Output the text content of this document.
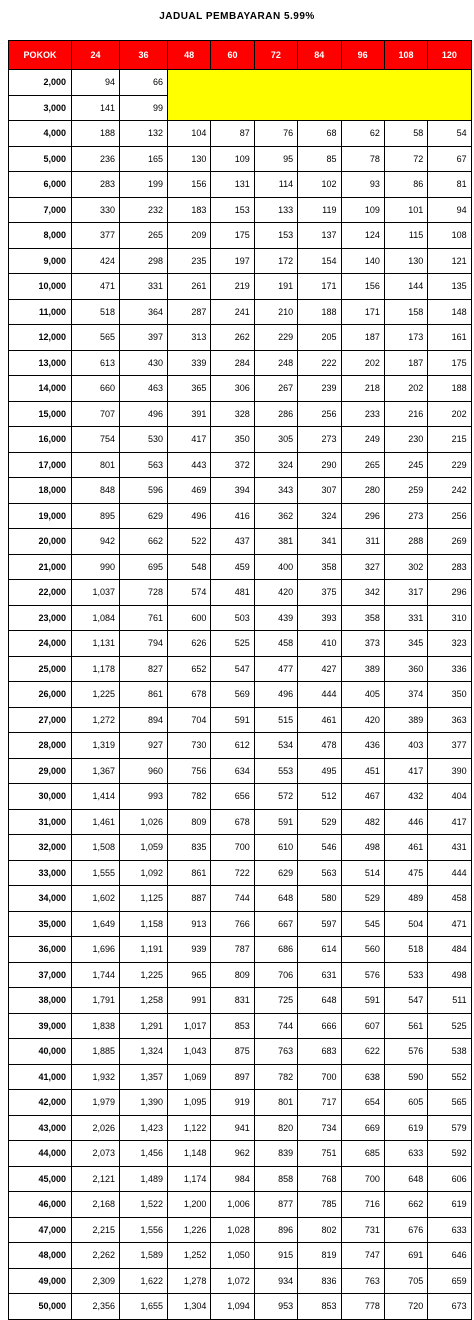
JADUAL PEMBAYARAN 5.99%
POKOK	24	36	48	60	72	84	96	108	120
2,000	94	66							
3,000	141	99							
4,000	188	132	104	87	76	68	62	58	54
5,000	236	165	130	109	95	85	78	72	67
6,000	283	199	156	131	114	102	93	86	81
7,000	330	232	183	153	133	119	109	101	94
8,000	377	265	209	175	153	137	124	115	108
9,000	424	298	235	197	172	154	140	130	121
10,000	471	331	261	219	191	171	156	144	135
11,000	518	364	287	241	210	188	171	158	148
12,000	565	397	313	262	229	205	187	173	161
13,000	613	430	339	284	248	222	202	187	175
14,000	660	463	365	306	267	239	218	202	188
15,000	707	496	391	328	286	256	233	216	202
16,000	754	530	417	350	305	273	249	230	215
17,000	801	563	443	372	324	290	265	245	229
18,000	848	596	469	394	343	307	280	259	242
19,000	895	629	496	416	362	324	296	273	256
20,000	942	662	522	437	381	341	311	288	269
21,000	990	695	548	459	400	358	327	302	283
22,000	1,037	728	574	481	420	375	342	317	296
23,000	1,084	761	600	503	439	393	358	331	310
24,000	1,131	794	626	525	458	410	373	345	323
25,000	1,178	827	652	547	477	427	389	360	336
26,000	1,225	861	678	569	496	444	405	374	350
27,000	1,272	894	704	591	515	461	420	389	363
28,000	1,319	927	730	612	534	478	436	403	377
29,000	1,367	960	756	634	553	495	451	417	390
30,000	1,414	993	782	656	572	512	467	432	404
31,000	1,461	1,026	809	678	591	529	482	446	417
32,000	1,508	1,059	835	700	610	546	498	461	431
33,000	1,555	1,092	861	722	629	563	514	475	444
34,000	1,602	1,125	887	744	648	580	529	489	458
35,000	1,649	1,158	913	766	667	597	545	504	471
36,000	1,696	1,191	939	787	686	614	560	518	484
37,000	1,744	1,225	965	809	706	631	576	533	498
38,000	1,791	1,258	991	831	725	648	591	547	511
39,000	1,838	1,291	1,017	853	744	666	607	561	525
40,000	1,885	1,324	1,043	875	763	683	622	576	538
41,000	1,932	1,357	1,069	897	782	700	638	590	552
42,000	1,979	1,390	1,095	919	801	717	654	605	565
43,000	2,026	1,423	1,122	941	820	734	669	619	579
44,000	2,073	1,456	1,148	962	839	751	685	633	592
45,000	2,121	1,489	1,174	984	858	768	700	648	606
46,000	2,168	1,522	1,200	1,006	877	785	716	662	619
47,000	2,215	1,556	1,226	1,028	896	802	731	676	633
48,000	2,262	1,589	1,252	1,050	915	819	747	691	646
49,000	2,309	1,622	1,278	1,072	934	836	763	705	659
50,000	2,356	1,655	1,304	1,094	953	853	778	720	673
